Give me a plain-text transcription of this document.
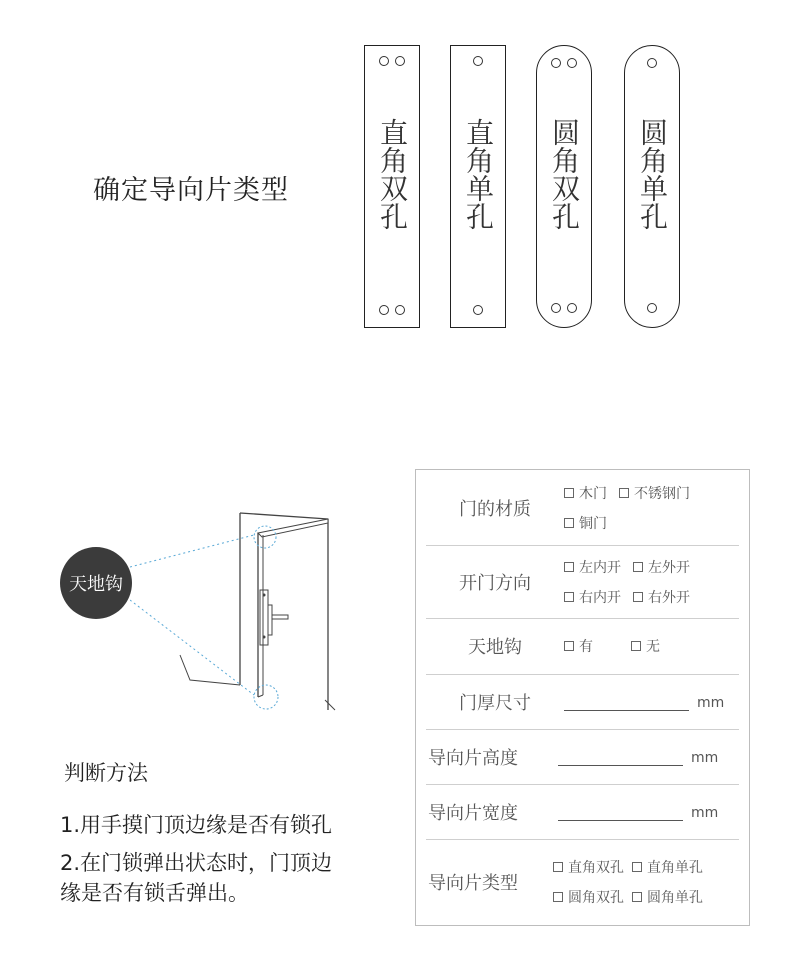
确定导向片类型	直角双孔 直角单孔 圆角双孔 圆角单孔
天地钩
判断方法
1.用手摸门顶边缘是否有锁孔
2.在门锁弹出状态时，门顶边
缘是否有锁舌弹出。
门的材质
木门 不锈钢门
铜门
开门方向
左内开 左外开
右内开 右外开
天地钩	有	无
门厚尺寸	mm
导向片高度	mm
导向片宽度	mm
导向片类型
直角双孔 直角单孔
圆角双孔 圆角单孔
